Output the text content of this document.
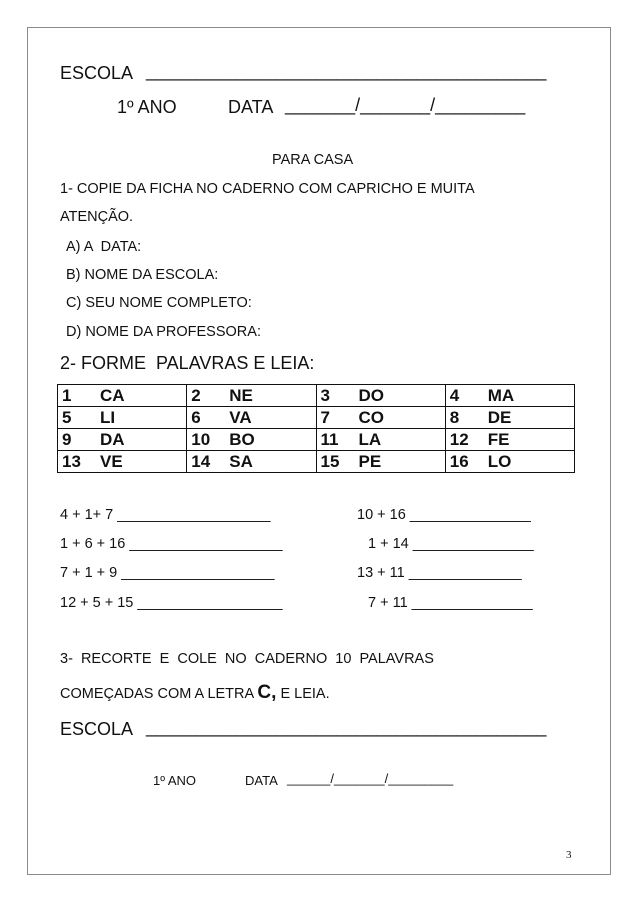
ESCOLA ________________________________________
1º ANO	DATA _______/_______/_________
PARA CASA
1- COPIE DA FICHA NO CADERNO COM CAPRICHO E MUITA
ATENÇÃO.
A) A  DATA:
B) NOME DA ESCOLA:
C) SEU NOME COMPLETO:
D) NOME DA PROFESSORA:
2- FORME  PALAVRAS E LEIA:
1 CA	2 NE	3 DO	4 MA
5 LI	6 VA	7 CO	8 DE
9 DA	10 BO	11 LA	12 FE
13 VE	14 SA	15 PE	16 LO
4 + 1+ 7 ___________________
1 + 6 + 16 ___________________
7 + 1 + 9 ___________________
12 + 5 + 15 __________________
10 + 16 _______________
1 + 14 _______________
13 + 11 ______________
7 + 11 _______________
3-  RECORTE  E  COLE  NO  CADERNO  10  PALAVRAS
COMEÇADAS COM A LETRA C, E LEIA.
ESCOLA ________________________________________
1º ANO	DATA ______/_______/_________
3
